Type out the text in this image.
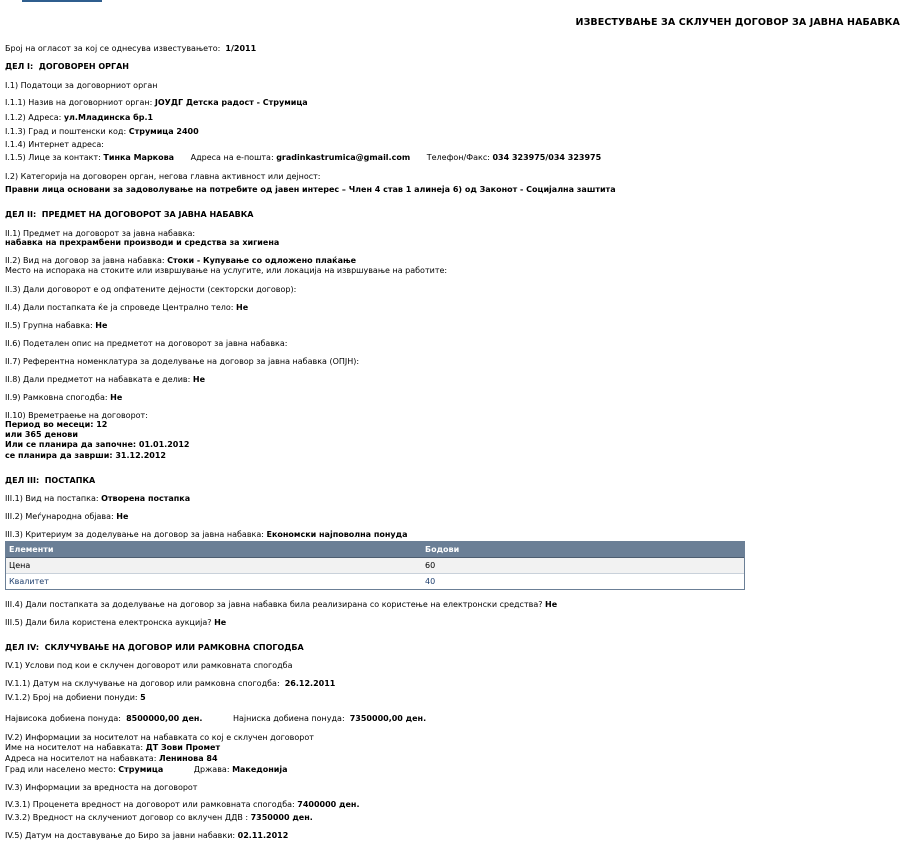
ИЗВЕСТУВАЊЕ ЗА СКЛУЧЕН ДОГОВОР ЗА ЈАВНА НАБАВКА
Број на огласот за кој се однесува известувањето: 1/2011
ДЕЛ I: ДОГОВОРЕН ОРГАН
I.1) Податоци за договорниот орган
I.1.1) Назив на договорниот орган: ЈОУДГ Детска радост - Струмица
I.1.2) Адреса: ул.Младинска бр.1
I.1.3) Град и поштенски код: Струмица 2400
I.1.4) Интернет адреса:
I.1.5) Лице за контакт: Тинка Маркова Адреса на е-пошта: gradinkastrumica@gmail.com Телефон/Факс: 034 323975/034 323975
I.2) Категорија на договорен орган, негова главна активност или дејност:
Правни лица основани за задоволување на потребите од јавен интерес – Член 4 став 1 алинеја 6) од Законот - Социјална заштита
ДЕЛ II: ПРЕДМЕТ НА ДОГОВОРОТ ЗА ЈАВНА НАБАВКА
II.1) Предмет на договорот за јавна набавка:
набавка на прехрамбени производи и средства за хигиена
II.2) Вид на договор за јавна набавка: Стоки - Купување со одложено плаќање
Место на испорака на стоките или извршување на услугите, или локација на извршување на работите:
II.3) Дали договорот е од опфатените дејности (секторски договор):
II.4) Дали постапката ќе ја спроведе Централно тело: Не
II.5) Групна набавка: Не
II.6) Подетален опис на предметот на договорот за јавна набавка:
II.7) Референтна номенклатура за доделување на договор за јавна набавка (ОПЈН):
II.8) Дали предметот на набавката е делив: Не
II.9) Рамковна спогодба: Не
II.10) Времетраење на договорот:
Период во месеци: 12
или 365 денови
Или се планира да започне: 01.01.2012
се планира да заврши: 31.12.2012
ДЕЛ III: ПОСТАПКА
III.1) Вид на постапка: Отворена постапка
III.2) Меѓународна објава: Не
III.3) Критериум за доделување на договор за јавна набавка: Економски најповолна понуда
Елементи	Бодови
Цена	60
Квалитет	40
III.4) Дали постапката за доделување на договор за јавна набавка била реализирана со користење на електронски средства? Не
III.5) Дали била користена електронска аукција? Не
ДЕЛ IV: СКЛУЧУВАЊЕ НА ДОГОВОР ИЛИ РАМКОВНА СПОГОДБА
IV.1) Услови под кои е склучен договорот или рамковната спогодба
IV.1.1) Датум на склучување на договор или рамковна спогодба: 26.12.2011
IV.1.2) Број на добиени понуди: 5
Највисока добиена понуда: 8500000,00 ден.	Најниска добиена понуда: 7350000,00 ден.
IV.2) Информации за носителот на набавката со кој е склучен договорот
Име на носителот на набавката: ДТ Зови Промет
Адреса на носителот на набавката: Ленинова 84
Град или населено место: Струмица	Држава: Македонија
IV.3) Информации за вредноста на договорот
IV.3.1) Проценета вредност на договорот или рамковната спогодба: 7400000 ден.
IV.3.2) Вредност на склучениот договор со вклучен ДДВ : 7350000 ден.
IV.5) Датум на доставување до Биро за јавни набавки: 02.11.2012
